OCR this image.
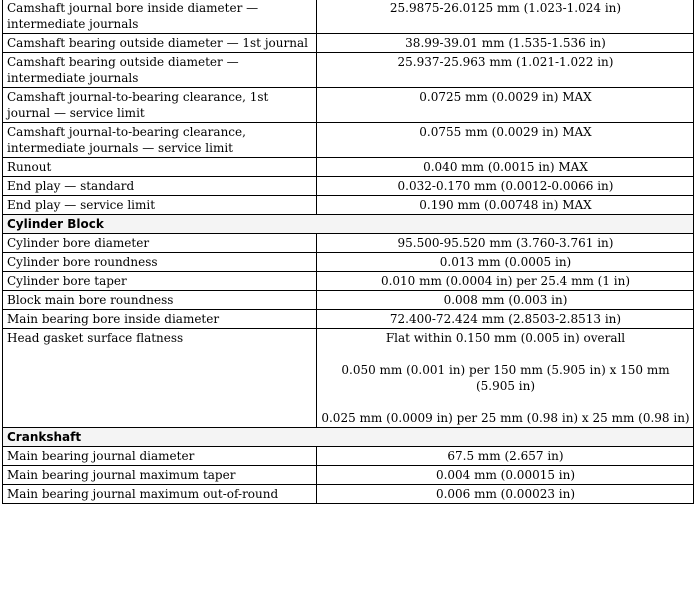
Camshaft journal bore inside diameter — intermediate journals	25.9875-26.0125 mm (1.023-1.024 in)

Camshaft bearing outside diameter — 1st journal	38.99-39.01 mm (1.535-1.536 in)

Camshaft bearing outside diameter — intermediate journals	25.937-25.963 mm (1.021-1.022 in)

Camshaft journal-to-bearing clearance, 1st journal — service limit	0.0725 mm (0.0029 in) MAX

Camshaft journal-to-bearing clearance, intermediate journals — service limit	0.0755 mm (0.0029 in) MAX

Runout	0.040 mm (0.0015 in) MAX

End play — standard	0.032-0.170 mm (0.0012-0.0066 in)

End play — service limit	0.190 mm (0.00748 in) MAX

Cylinder Block	
Cylinder bore diameter	95.500-95.520 mm (3.760-3.761 in)

Cylinder bore roundness	0.013 mm (0.0005 in)

Cylinder bore taper	0.010 mm (0.0004 in) per 25.4 mm (1 in)

Block main bore roundness	0.008 mm (0.003 in)

Main bearing bore inside diameter	72.400-72.424 mm (2.8503-2.8513 in)

Head gasket surface flatness	Flat within 0.150 mm (0.005 in) overall
0.050 mm (0.001 in) per 150 mm (5.905 in) x 150 mm (5.905 in)
0.025 mm (0.0009 in) per 25 mm (0.98 in) x 25 mm (0.98 in)

Crankshaft	
Main bearing journal diameter	67.5 mm (2.657 in)

Main bearing journal maximum taper	0.004 mm (0.00015 in)

Main bearing journal maximum out-of-round	0.006 mm (0.00023 in)
